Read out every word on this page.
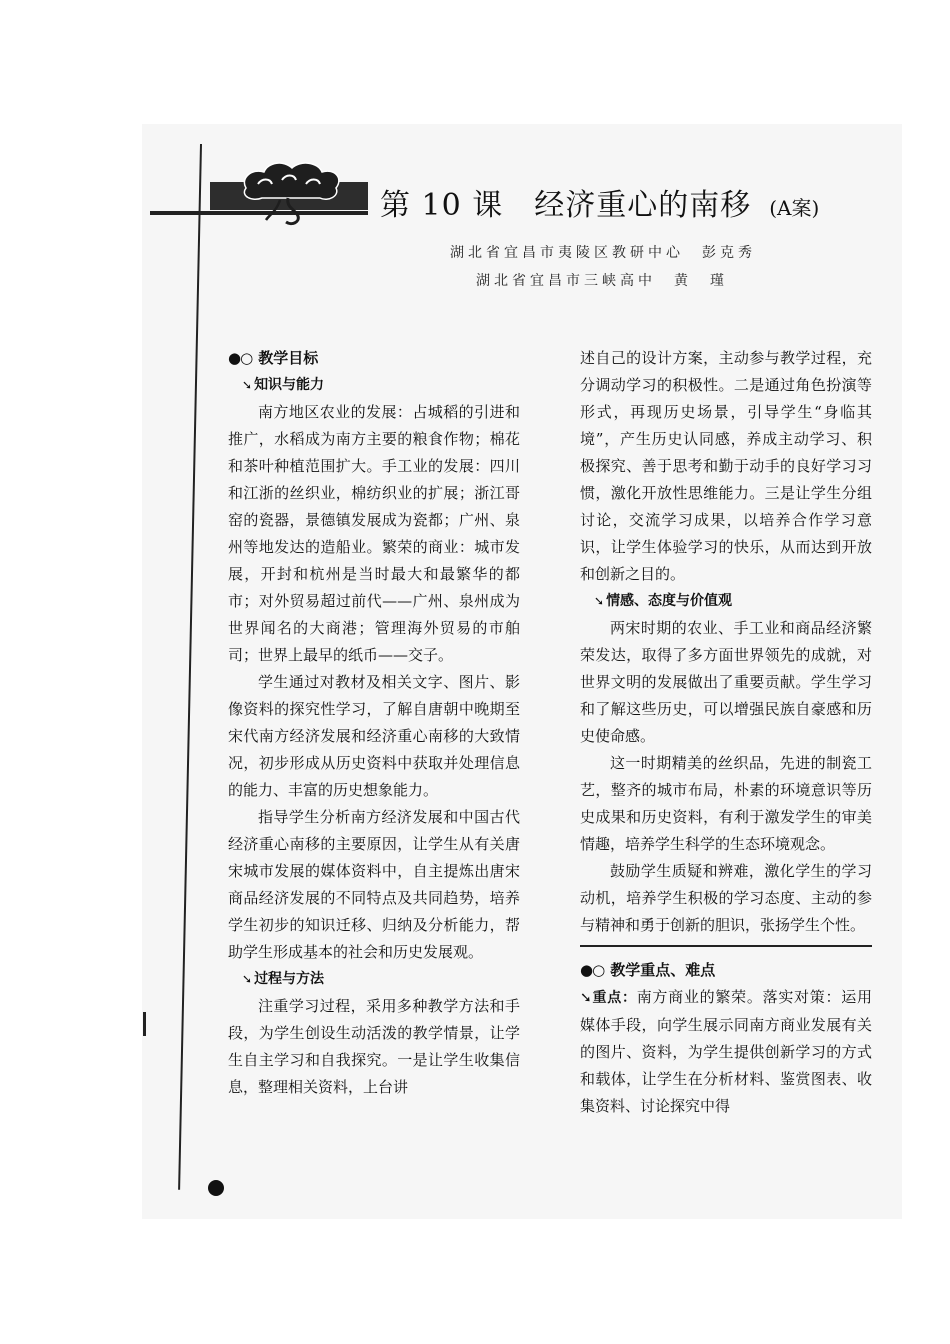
第 10 课　经济重心的南移 (A案)
湖北省宜昌市夷陵区教研中心　彭克秀
湖北省宜昌市三峡高中　黄　瑾
●○ 教学目标
➘ 知识与能力

南方地区农业的发展：占城稻的引进和推广，水稻成为南方主要的粮食作物；棉花和茶叶种植范围扩大。手工业的发展：四川和江浙的丝织业，棉纺织业的扩展；浙江哥窑的瓷器，景德镇发展成为瓷都；广州、泉州等地发达的造船业。繁荣的商业：城市发展，开封和杭州是当时最大和最繁华的都市；对外贸易超过前代——广州、泉州成为世界闻名的大商港；管理海外贸易的市舶司；世界上最早的纸币——交子。

学生通过对教材及相关文字、图片、影像资料的探究性学习，了解自唐朝中晚期至宋代南方经济发展和经济重心南移的大致情况，初步形成从历史资料中获取并处理信息的能力、丰富的历史想象能力。

指导学生分析南方经济发展和中国古代经济重心南移的主要原因，让学生从有关唐宋城市发展的媒体资料中，自主提炼出唐宋商品经济发展的不同特点及共同趋势，培养学生初步的知识迁移、归纳及分析能力，帮助学生形成基本的社会和历史发展观。

➘ 过程与方法

注重学习过程，采用多种教学方法和手段，为学生创设生动活泼的教学情景，让学生自主学习和自我探究。一是让学生收集信息，整理相关资料，上台讲

述自己的设计方案，主动参与教学过程，充分调动学习的积极性。二是通过角色扮演等形式，再现历史场景，引导学生“身临其境”，产生历史认同感，养成主动学习、积极探究、善于思考和勤于动手的良好学习习惯，激化开放性思维能力。三是让学生分组讨论，交流学习成果，以培养合作学习意识，让学生体验学习的快乐，从而达到开放和创新之目的。

➘ 情感、态度与价值观

两宋时期的农业、手工业和商品经济繁荣发达，取得了多方面世界领先的成就，对世界文明的发展做出了重要贡献。学生学习和了解这些历史，可以增强民族自豪感和历史使命感。

这一时期精美的丝织品，先进的制瓷工艺，整齐的城市布局，朴素的环境意识等历史成果和历史资料，有利于激发学生的审美情趣，培养学生科学的生态环境观念。

鼓励学生质疑和辨难，激化学生的学习动机，培养学生积极的学习态度、主动的参与精神和勇于创新的胆识，张扬学生个性。

●○ 教学重点、难点

➘重点：南方商业的繁荣。落实对策：运用媒体手段，向学生展示同南方商业发展有关的图片、资料，为学生提供创新学习的方式和载体，让学生在分析材料、鉴赏图表、收集资料、讨论探究中得
